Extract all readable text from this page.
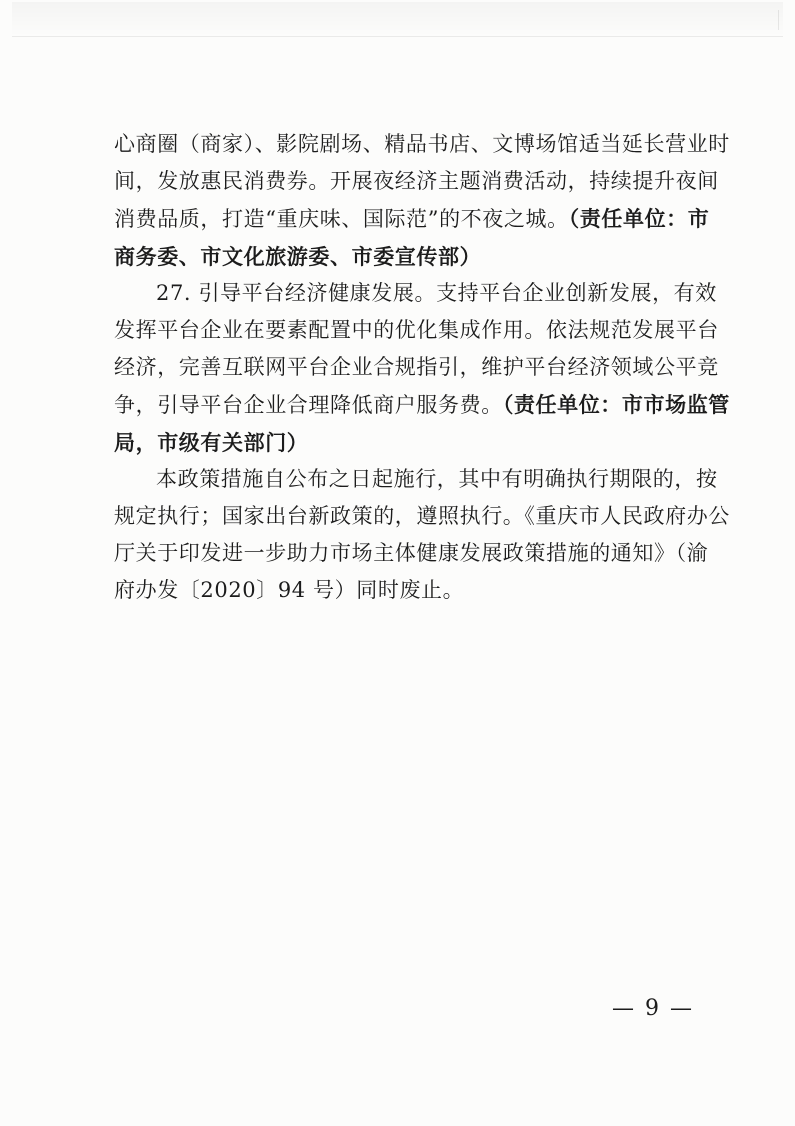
心商圈（商家）、影院剧场、精品书店、文博场馆适当延长营业时
间，发放惠民消费券。开展夜经济主题消费活动，持续提升夜间
消费品质，打造“重庆味、国际范”的不夜之城。（责任单位：市
商务委、市文化旅游委、市委宣传部）
27. 引导平台经济健康发展。支持平台企业创新发展，有效
发挥平台企业在要素配置中的优化集成作用。依法规范发展平台
经济，完善互联网平台企业合规指引，维护平台经济领域公平竞
争，引导平台企业合理降低商户服务费。（责任单位：市市场监管
局，市级有关部门）
本政策措施自公布之日起施行，其中有明确执行期限的，按
规定执行；国家出台新政策的，遵照执行。《重庆市人民政府办公
厅关于印发进一步助力市场主体健康发展政策措施的通知》（渝
府办发〔2020〕94 号）同时废止。
— 9 —
